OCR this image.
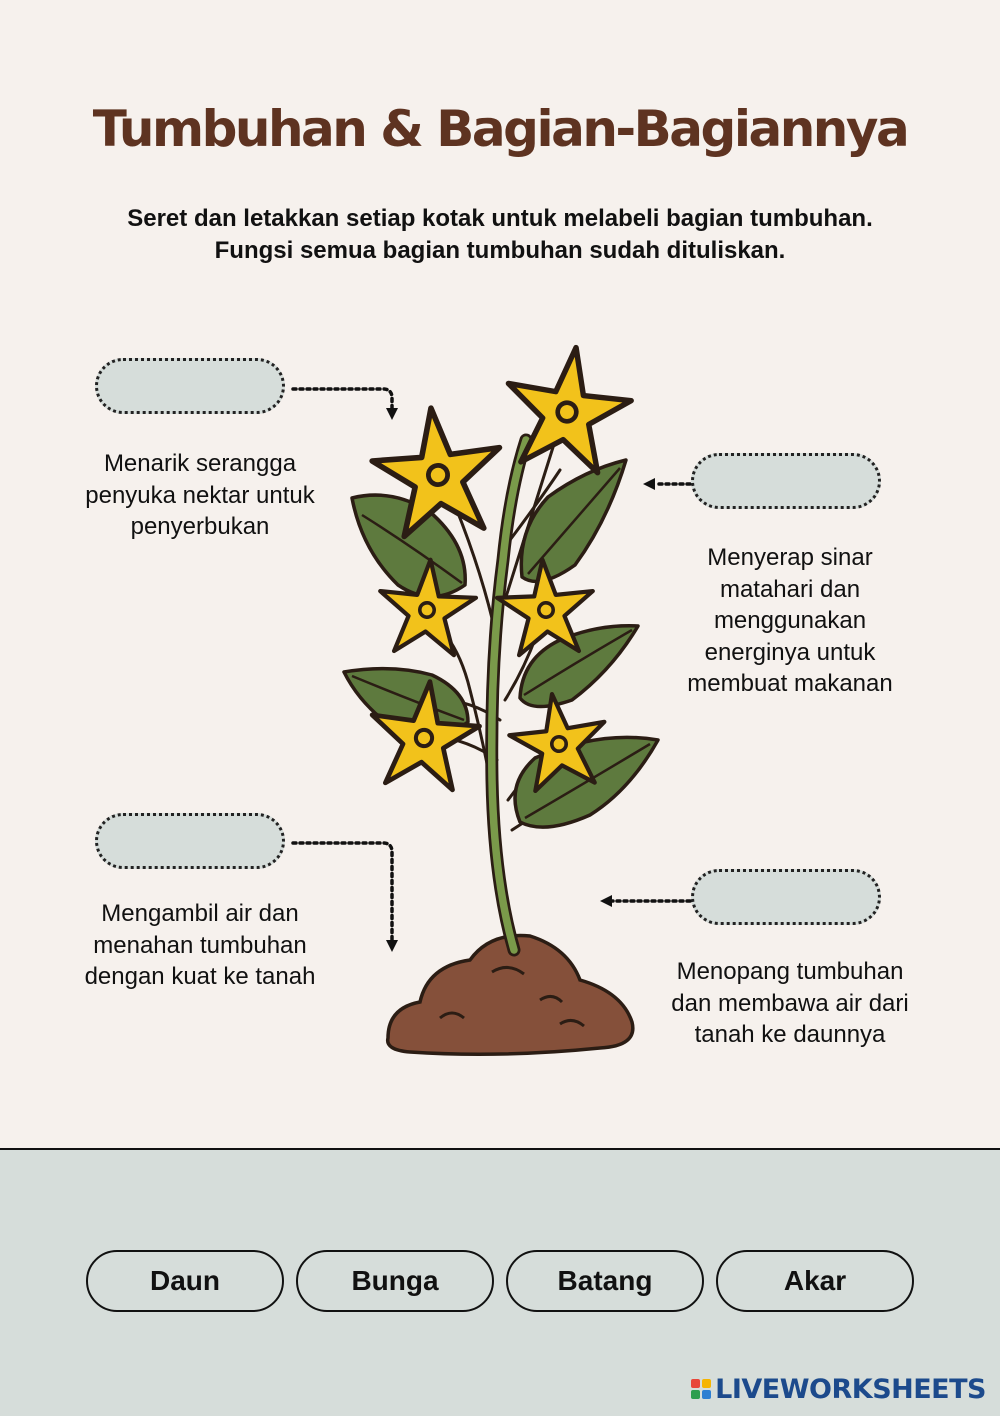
Tumbuhan & Bagian-Bagiannya
Seret dan letakkan setiap kotak untuk melabeli bagian tumbuhan. Fungsi semua bagian tumbuhan sudah dituliskan.
Menarik serangga penyuka nektar untuk penyerbukan
Menyerap sinar matahari dan menggunakan energinya untuk membuat makanan
Mengambil air dan menahan tumbuhan dengan kuat ke tanah	Menopang tumbuhan dan membawa air dari tanah ke daunnya
Daun	Bunga	Batang	Akar
LIVEWORKSHEETS
